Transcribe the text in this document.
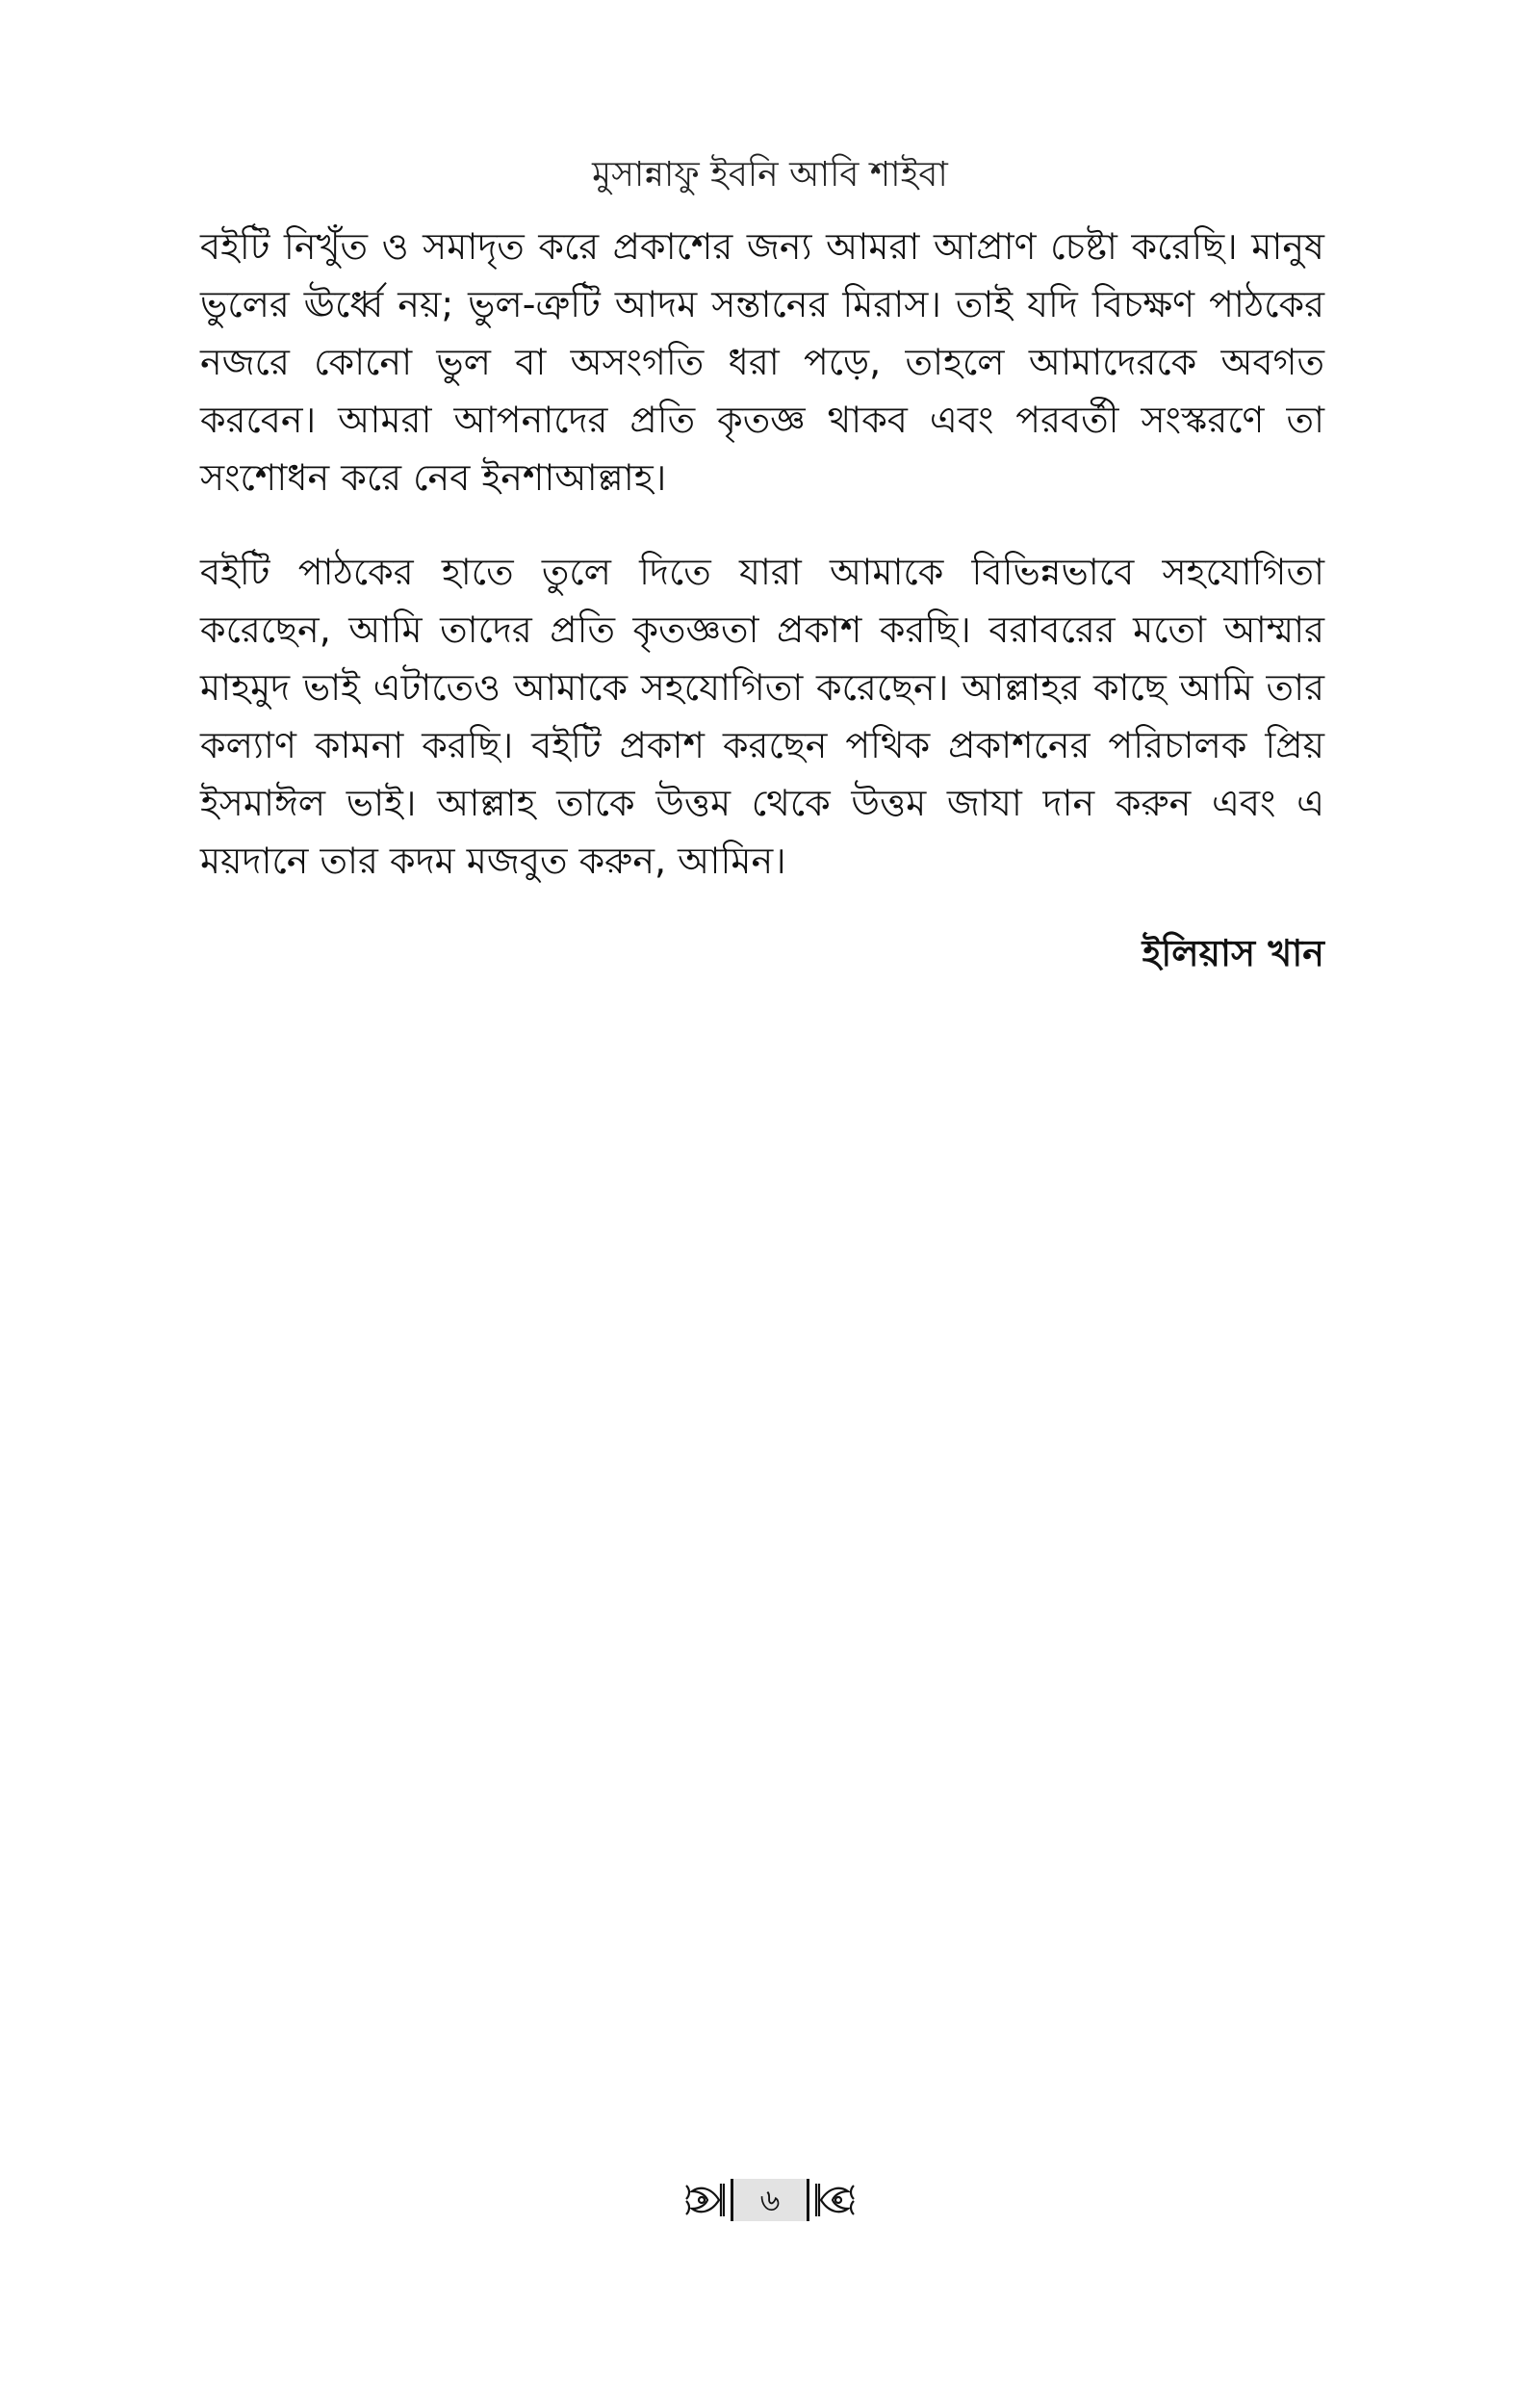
মুসান্নাফু ইবনি আবি শাইবা

বইটি নিখুঁত ও সমাদৃত করে প্রকাশের জন্য আমরা আপ্রাণ চেষ্টা করেছি। মানুষ ভুলের ঊর্ধ্বে নয়; ভুল-ত্রুটি আদম সন্তানের মিরাস। তাই যদি বিচক্ষণ পাঠকের নজরে কোনো ভুল বা অসংগতি ধরা পড়ে, তাহলে আমাদেরকে অবগত করবেন। আমরা আপনাদের প্রতি কৃতজ্ঞ থাকব এবং পরবর্তী সংস্করণে তা সংশোধন করে নেব ইনশাআল্লাহ।

বইটি পাঠকের হাতে তুলে দিতে যারা আমাকে বিভিন্নভাবে সহযোগিতা করেছেন, আমি তাদের প্রতি কৃতজ্ঞতা প্রকাশ করছি। বরাবরের মতো আম্মার মাহমুদ ভাই এটাতেও আমাকে সহযোগিতা করেছেন। আল্লাহর কাছে আমি তার কল্যাণ কামনা করছি। বইটি প্রকাশ করছেন পথিক প্রকাশনের পরিচালক প্রিয় ইসমাঈল ভাই। আল্লাহ তাকে উত্তম থেকে উত্তম জাযা দান করুন এবং এ ময়দানে তার কদম মজবুত করুন, আমিন।

ইলিয়াস খান

৬
